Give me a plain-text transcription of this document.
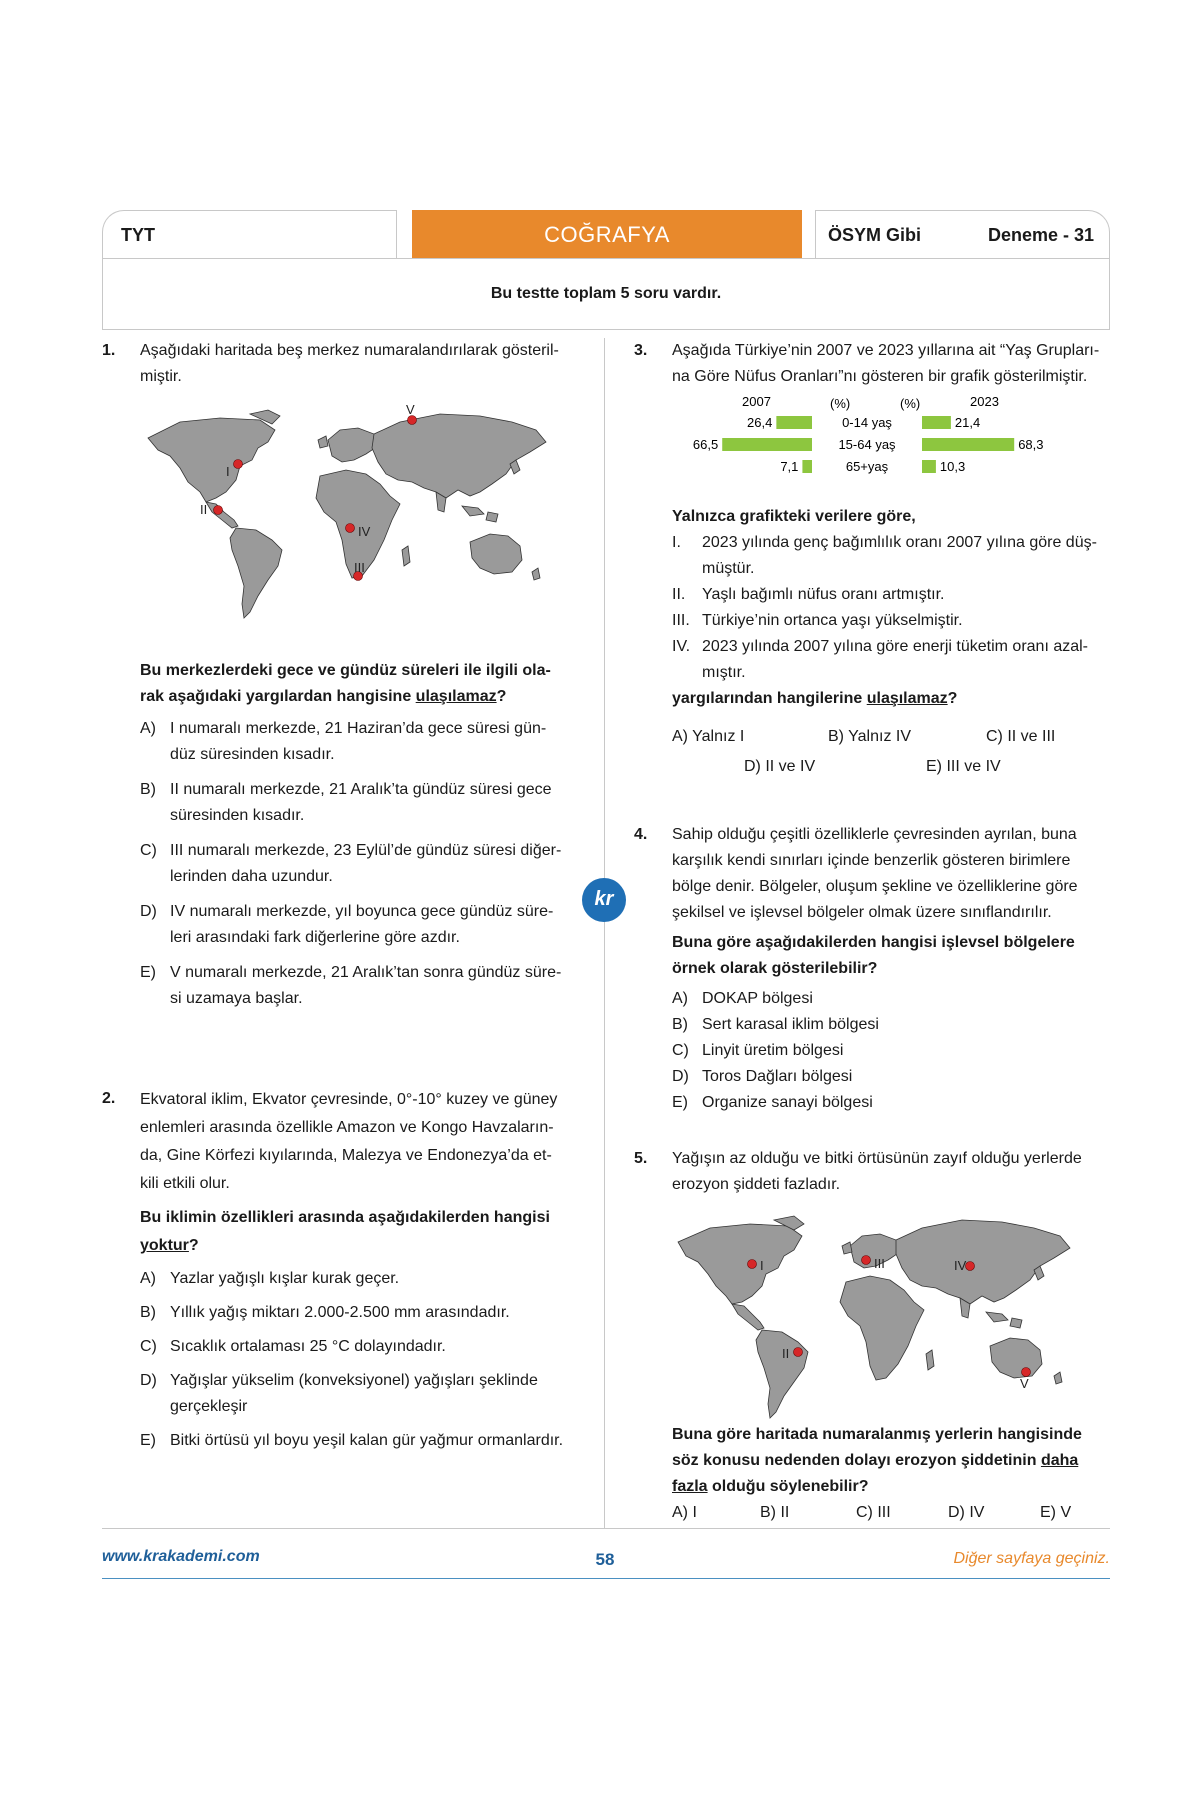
TYT	COĞRAFYA	ÖSYM Gibi	Deneme - 31
Bu testte toplam 5 soru vardır.
1. Aşağıdaki haritada beş merkez numaralandırılarak gösteril-

miştir.

I
II
III
IV
V

Bu merkezlerdeki gece ve gündüz süreleri ile ilgili ola-

rak aşağıdaki yargılardan hangisine ulaşılamaz?

A) I numaralı merkezde, 21 Haziran’da gece süresi gün-

düz süresinden kısadır.

B) II numaralı merkezde, 21 Aralık’ta gündüz süresi gece

süresinden kısadır.

C) III numaralı merkezde, 23 Eylül’de gündüz süresi diğer-

lerinden daha uzundur.

D) IV numaralı merkezde, yıl boyunca gece gündüz süre-

leri arasındaki fark diğerlerine göre azdır.

E) V numaralı merkezde, 21 Aralık’tan sonra gündüz süre-

si uzamaya başlar.

2. Ekvatoral iklim, Ekvator çevresinde, 0°-10° kuzey ve güney

enlemleri arasında özellikle Amazon ve Kongo Havzaların-

da, Gine Körfezi kıyılarında, Malezya ve Endonezya’da et-

kili etkili olur.

Bu iklimin özellikleri arasında aşağıdakilerden hangisi

yoktur?

A) Yazlar yağışlı kışlar kurak geçer.

B) Yıllık yağış miktarı 2.000-2.500 mm arasındadır.

C) Sıcaklık ortalaması 25 °C dolayındadır.

D) Yağışlar yükselim (konveksiyonel) yağışları şeklinde

gerçekleşir

E) Bitki örtüsü yıl boyu yeşil kalan gür yağmur ormanlardır.

3. Aşağıda Türkiye’nin 2007 ve 2023 yıllarına ait “Yaş Grupları-

na Göre Nüfus Oranları”nı gösteren bir grafik gösterilmiştir.

2007	(%)	(%)	2023
0-14 yaş
26,4	21,4
15-64 yaş
66,5	68,3
65+yaş
7,1	10,3

Yalnızca grafikteki verilere göre,

I. 2023 yılında genç bağımlılık oranı 2007 yılına göre düş-

müştür.

II. Yaşlı bağımlı nüfus oranı artmıştır.

III. Türkiye’nin ortanca yaşı yükselmiştir.

IV. 2023 yılında 2007 yılına göre enerji tüketim oranı azal-

mıştır.

yargılarından hangilerine ulaşılamaz?

A) Yalnız I	B) Yalnız IV	C) II ve III
D) II ve IV	E) III ve IV
4. Sahip olduğu çeşitli özelliklerle çevresinden ayrılan, buna

karşılık kendi sınırları içinde benzerlik gösteren birimlere

bölge denir. Bölgeler, oluşum şekline ve özelliklerine göre

şekilsel ve işlevsel bölgeler olmak üzere sınıflandırılır.

Buna göre aşağıdakilerden hangisi işlevsel bölgelere

örnek olarak gösterilebilir?

A) DOKAP bölgesi

B) Sert karasal iklim bölgesi

C) Linyit üretim bölgesi

D) Toros Dağları bölgesi

E) Organize sanayi bölgesi

5. Yağışın az olduğu ve bitki örtüsünün zayıf olduğu yerlerde

erozyon şiddeti fazladır.

I
II
III	IV
V

Buna göre haritada numaralanmış yerlerin hangisinde

söz konusu nedenden dolayı erozyon şiddetinin daha

fazla olduğu söylenebilir?

A) I	B) II	C) III	D) IV	E) V
kr
www.krakademi.com	58	Diğer sayfaya geçiniz.
